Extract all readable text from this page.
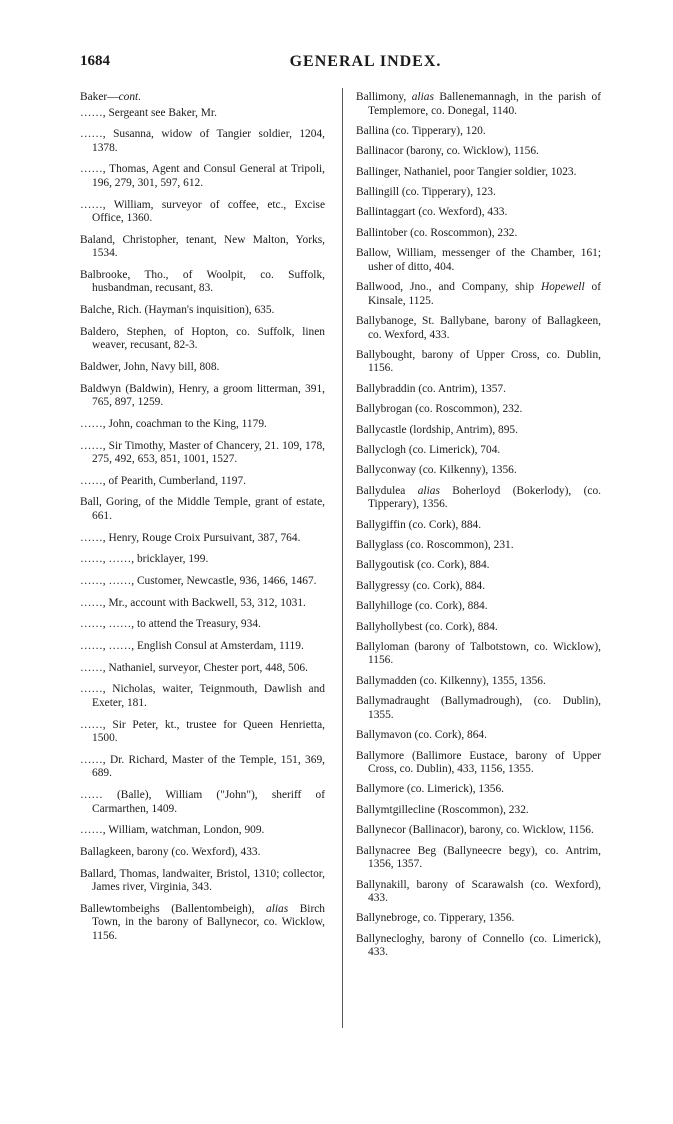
1684	GENERAL INDEX.
Baker—cont.
……, Sergeant see Baker, Mr.
……, Susanna, widow of Tangier soldier, 1204, 1378.
……, Thomas, Agent and Consul General at Tripoli, 196, 279, 301, 597, 612.
……, William, surveyor of coffee, etc., Excise Office, 1360.
Baland, Christopher, tenant, New Malton, Yorks, 1534.
Balbrooke, Tho., of Woolpit, co. Suffolk, husbandman, recusant, 83.
Balche, Rich. (Hayman's inquisition), 635.
Baldero, Stephen, of Hopton, co. Suffolk, linen weaver, recusant, 82-3.
Baldwer, John, Navy bill, 808.
Baldwyn (Baldwin), Henry, a groom litterman, 391, 765, 897, 1259.
……, John, coachman to the King, 1179.
……, Sir Timothy, Master of Chancery, 21. 109, 178, 275, 492, 653, 851, 1001, 1527.
……, of Pearith, Cumberland, 1197.
Ball, Goring, of the Middle Temple, grant of estate, 661.
……, Henry, Rouge Croix Pursuivant, 387, 764.
……, ……, bricklayer, 199.
……, ……, Customer, Newcastle, 936, 1466, 1467.
……, Mr., account with Backwell, 53, 312, 1031.
……, ……, to attend the Treasury, 934.
……, ……, English Consul at Amsterdam, 1119.
……, Nathaniel, surveyor, Chester port, 448, 506.
……, Nicholas, waiter, Teignmouth, Dawlish and Exeter, 181.
……, Sir Peter, kt., trustee for Queen Henrietta, 1500.
……, Dr. Richard, Master of the Temple, 151, 369, 689.
…… (Balle), William ("John"), sheriff of Carmarthen, 1409.
……, William, watchman, London, 909.
Ballagkeen, barony (co. Wexford), 433.
Ballard, Thomas, landwaiter, Bristol, 1310; collector, James river, Virginia, 343.
Ballewtombeighs (Ballentombeigh), alias Birch Town, in the barony of Ballynecor, co. Wicklow, 1156.
Ballimony, alias Ballenemannagh, in the parish of Templemore, co. Donegal, 1140.
Ballina (co. Tipperary), 120.
Ballinacor (barony, co. Wicklow), 1156.
Ballinger, Nathaniel, poor Tangier soldier, 1023.
Ballingill (co. Tipperary), 123.
Ballintaggart (co. Wexford), 433.
Ballintober (co. Roscommon), 232.
Ballow, William, messenger of the Chamber, 161; usher of ditto, 404.
Ballwood, Jno., and Company, ship Hopewell of Kinsale, 1125.
Ballybanoge, St. Ballybane, barony of Ballagkeen, co. Wexford, 433.
Ballybought, barony of Upper Cross, co. Dublin, 1156.
Ballybraddin (co. Antrim), 1357.
Ballybrogan (co. Roscommon), 232.
Ballycastle (lordship, Antrim), 895.
Ballyclogh (co. Limerick), 704.
Ballyconway (co. Kilkenny), 1356.
Ballydulea alias Boherloyd (Bokerlody), (co. Tipperary), 1356.
Ballygiffin (co. Cork), 884.
Ballyglass (co. Roscommon), 231.
Ballygoutisk (co. Cork), 884.
Ballygressy (co. Cork), 884.
Ballyhilloge (co. Cork), 884.
Ballyhollybest (co. Cork), 884.
Ballyloman (barony of Talbotstown, co. Wicklow), 1156.
Ballymadden (co. Kilkenny), 1355, 1356.
Ballymadraught (Ballymadrough), (co. Dublin), 1355.
Ballymavon (co. Cork), 864.
Ballymore (Ballimore Eustace, barony of Upper Cross, co. Dublin), 433, 1156, 1355.
Ballymore (co. Limerick), 1356.
Ballymtgillecline (Roscommon), 232.
Ballynecor (Ballinacor), barony, co. Wicklow, 1156.
Ballynacree Beg (Ballyneecre begy), co. Antrim, 1356, 1357.
Ballynakill, barony of Scarawalsh (co. Wexford), 433.
Ballynebroge, co. Tipperary, 1356.
Ballynecloghy, barony of Connello (co. Limerick), 433.
